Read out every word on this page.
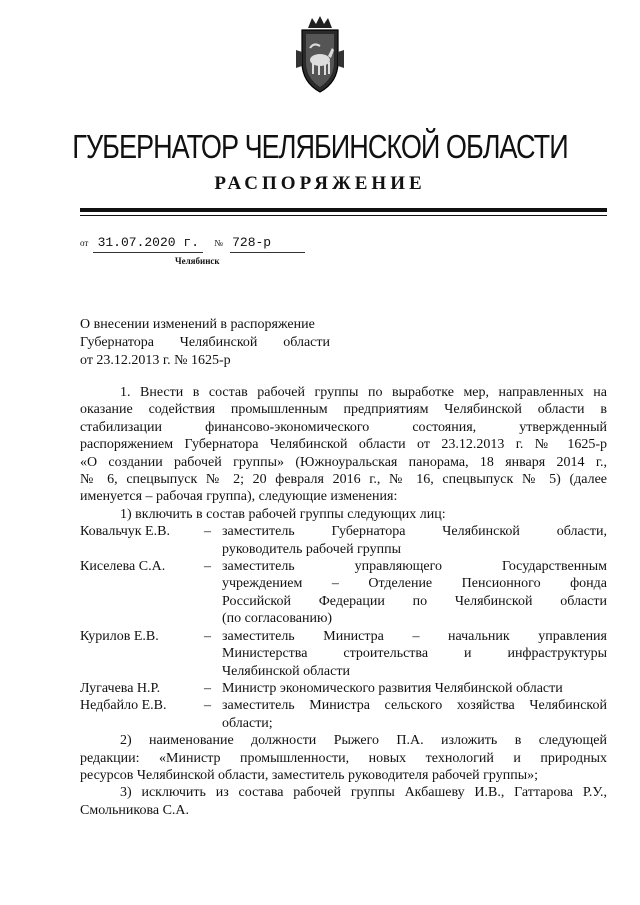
ГУБЕРНАТОР ЧЕЛЯБИНСКОЙ ОБЛАСТИ
РАСПОРЯЖЕНИЕ
от 31.07.2020 г. № 728-р
Челябинск
О внесении изменений в распоряжение
Губернатора Челябинской области
от 23.12.2013 г. № 1625-р
1. Внести в состав рабочей группы по выработке мер, направленных на
оказание содействия промышленным предприятиям Челябинской области в
стабилизации финансово-экономического состояния, утвержденный
распоряжением Губернатора Челябинской области от 23.12.2013 г. № 1625-р
«О создании рабочей группы» (Южноуральская панорама, 18 января 2014 г.,
№ 6, спецвыпуск № 2; 20 февраля 2016 г., № 16, спецвыпуск № 5) (далее
именуется – рабочая группа), следующие изменения:
1) включить в состав рабочей группы следующих лиц:
Ковальчук Е.В.	–	заместитель Губернатора Челябинской области,
руководитель рабочей группы

Киселева С.А.	–	заместитель управляющего Государственным
учреждением – Отделение Пенсионного фонда
Российской Федерации по Челябинской области
(по согласованию)

Курилов Е.В.	–	заместитель Министра – начальник управления
Министерства строительства и инфраструктуры
Челябинской области

Лугачева Н.Р.	–	Министр экономического развития Челябинской области

Недбайло Е.В.	–	заместитель Министра сельского хозяйства Челябинской
области;
2) наименование должности Рыжего П.А. изложить в следующей
редакции: «Министр промышленности, новых технологий и природных
ресурсов Челябинской области, заместитель руководителя рабочей группы»;
3) исключить из состава рабочей группы Акбашеву И.В., Гаттарова Р.У.,
Смольникова С.А.
